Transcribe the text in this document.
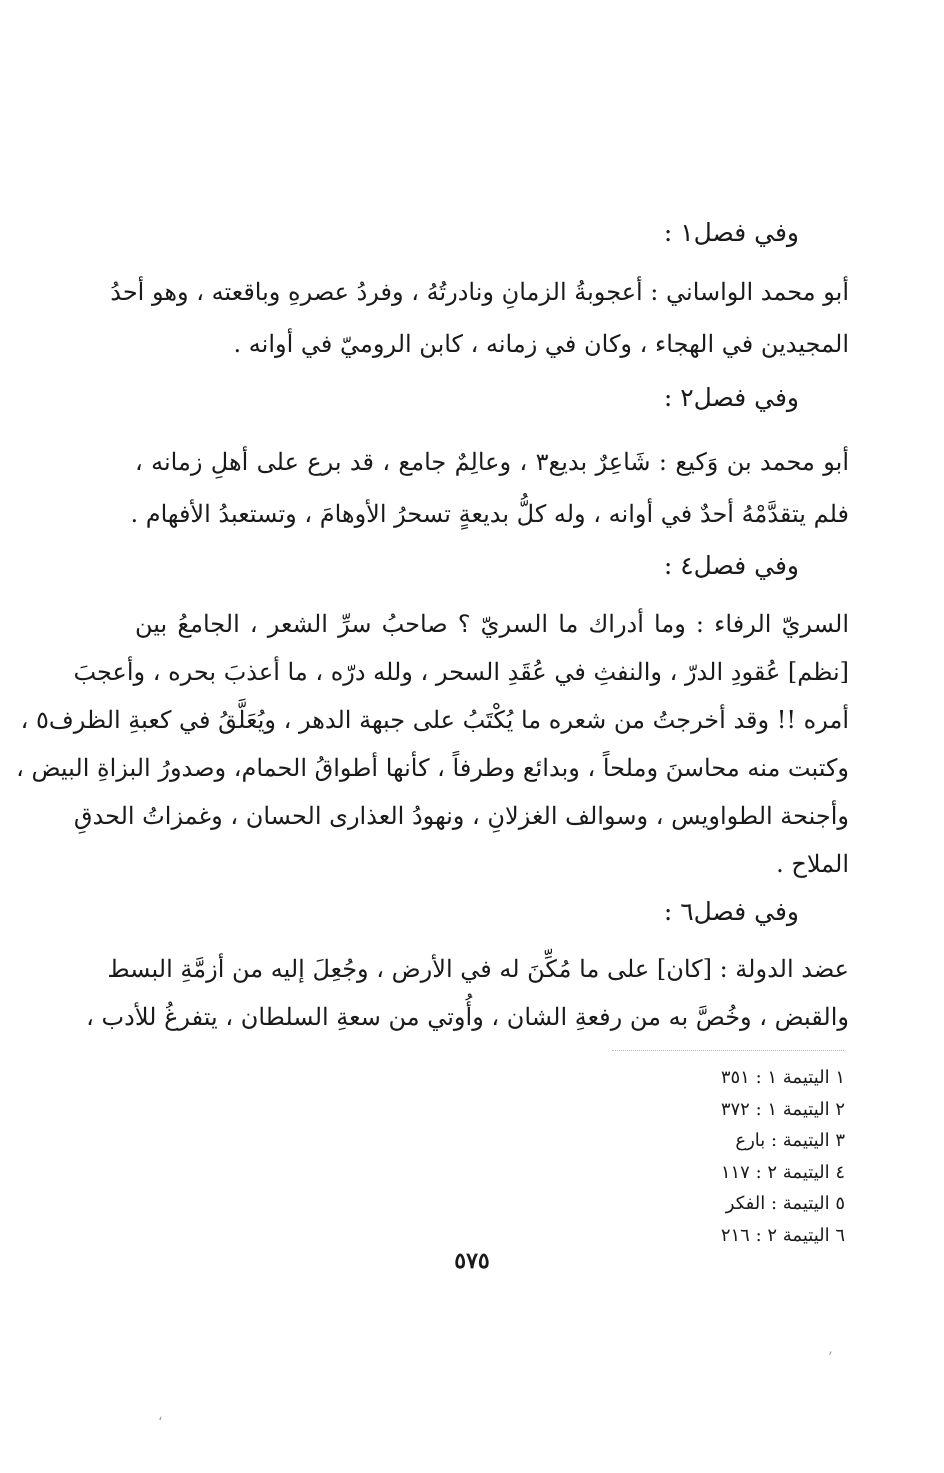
وفي فصل١ :
أبو محمد الواساني : أعجوبةُ الزمانِ ونادرتُهُ ، وفردُ عصرهِ وباقعته ، وهو أحدُ
المجيدين في الهجاء ، وكان في زمانه ، كابن الروميّ في أوانه .
وفي فصل٢ :
أبو محمد بن وَكيع : شَاعِرٌ بديع٣ ، وعالِمٌ جامع ، قد برع على أهلِ زمانه ،
فلم يتقدَّمْهُ أحدٌ في أوانه ، وله كلُّ بديعةٍ تسحرُ الأوهامَ ، وتستعبدُ الأفهام .
وفي فصل٤ :
السريّ الرفاء : وما أدراك ما السريّ ؟ صاحبُ سرِّ الشعر ، الجامعُ بين
[نظم] عُقودِ الدرّ ، والنفثِ في عُقَدِ السحر ، ولله درّه ، ما أعذبَ بحره ، وأعجبَ
أمره !! وقد أخرجتُ من شعره ما يُكْتَبُ على جبهة الدهر ، ويُعَلَّقُ في كعبةِ الظرف٥ ،
وكتبت منه محاسنَ وملحاً ، وبدائع وطرفاً ، كأنها أطواقُ الحمام، وصدورُ البزاةِ البيض ،
وأجنحة الطواويس ، وسوالف الغزلانِ ، ونهودُ العذارى الحسان ، وغمزاتُ الحدقِ
الملاح .
وفي فصل٦ :
عضد الدولة : [كان] على ما مُكِّنَ له في الأرض ، وجُعِلَ إليه من أزمَّةِ البسط
والقبض ، وخُصَّ به من رفعةِ الشان ، وأُوتي من سعةِ السلطان ، يتفرغُ للأدب ،
١ اليتيمة ١ : ٣٥١
٢ اليتيمة ١ : ٣٧٢
٣ اليتيمة : بارع
٤ اليتيمة ٢ : ١١٧
٥ اليتيمة : الفكر
٦ اليتيمة ٢ : ٢١٦
٥٧٥
’
،
